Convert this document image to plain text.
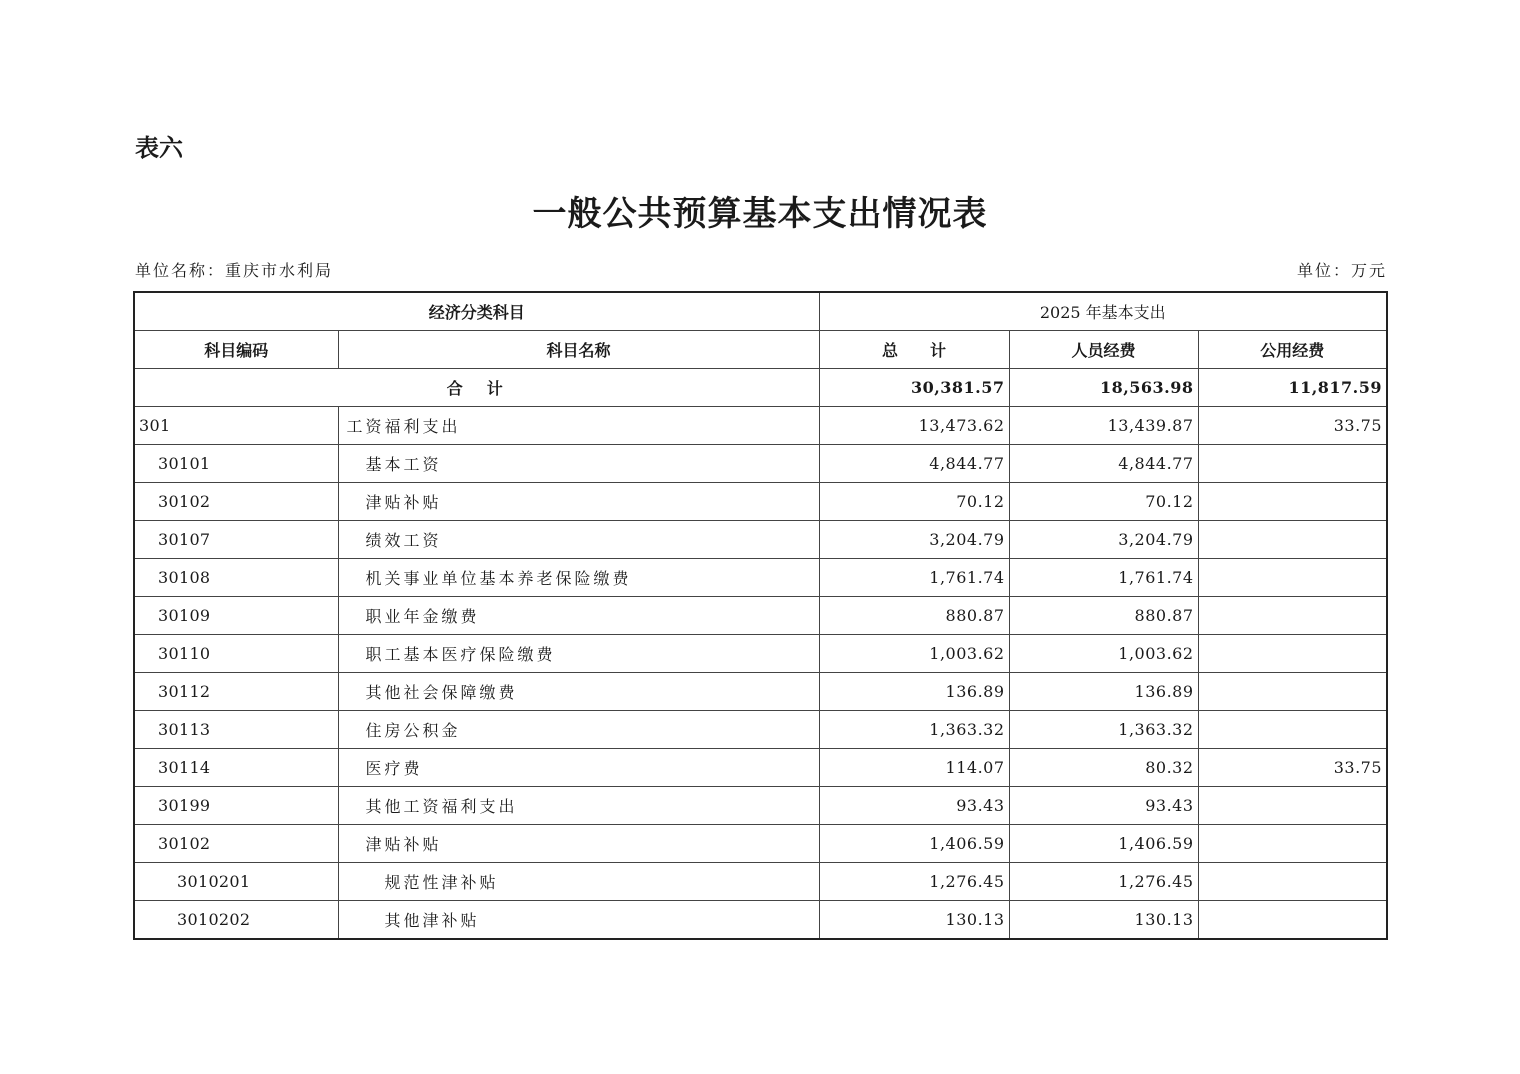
表六
一般公共预算基本支出情况表
单位名称：重庆市水利局	单位：万元
经济分类科目		2025 年基本支出		
科目编码	科目名称	总　　计	人员经费	公用经费
合　计		30,381.57	18,563.98	11,817.59
301	工资福利支出	13,473.62	13,439.87	33.75
30101	基本工资	4,844.77	4,844.77	
30102	津贴补贴	70.12	70.12	
30107	绩效工资	3,204.79	3,204.79	
30108	机关事业单位基本养老保险缴费	1,761.74	1,761.74	
30109	职业年金缴费	880.87	880.87	
30110	职工基本医疗保险缴费	1,003.62	1,003.62	
30112	其他社会保障缴费	136.89	136.89	
30113	住房公积金	1,363.32	1,363.32	
30114	医疗费	114.07	80.32	33.75
30199	其他工资福利支出	93.43	93.43	
30102	津贴补贴	1,406.59	1,406.59	
3010201	规范性津补贴	1,276.45	1,276.45	
3010202	其他津补贴	130.13	130.13	
